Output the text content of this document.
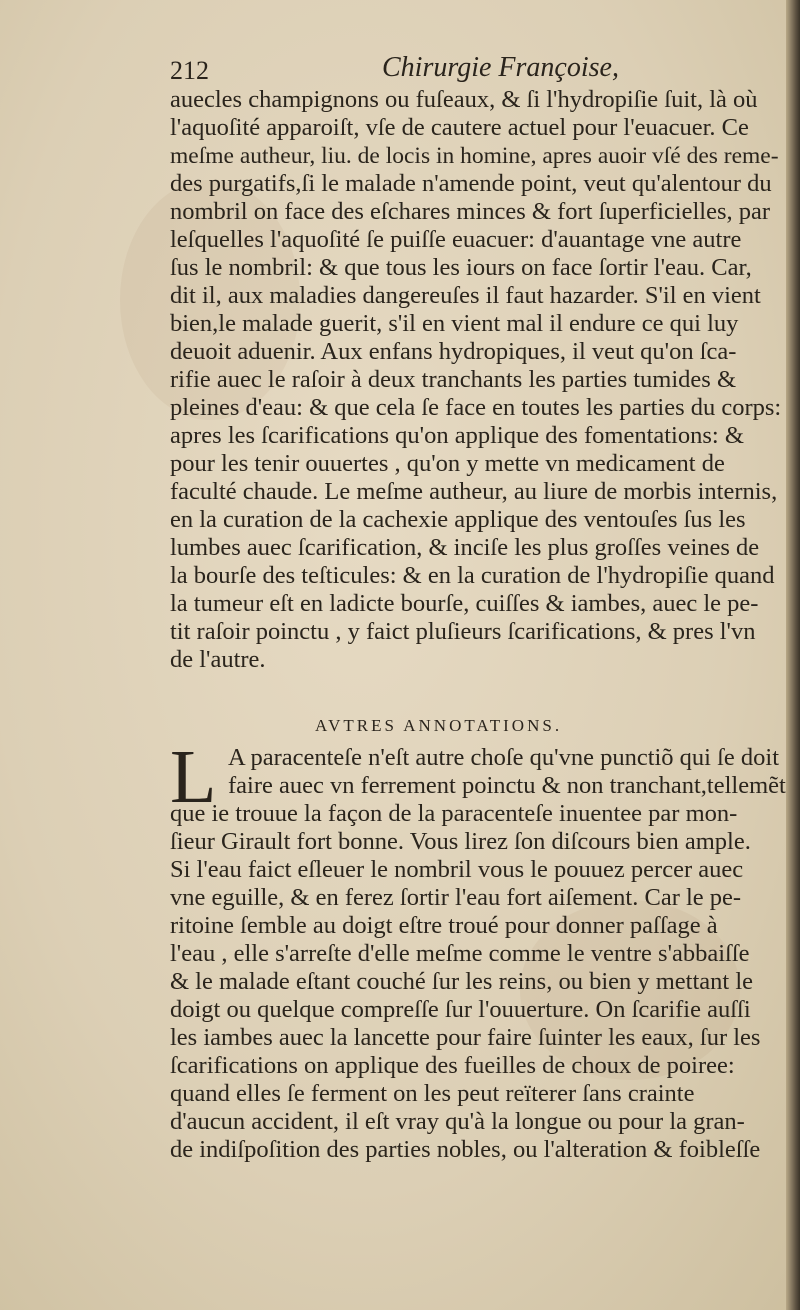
212	Chirurgie Françoise,
auecles champignons ou fuſeaux, & ſi l'hydropiſie ſuit, là où
l'aquoſité apparoiſt, vſe de cautere actuel pour l'euacuer. Ce
meſme autheur, liu. de locis in homine, apres auoir vſé des reme-
des purgatifs,ſi le malade n'amende point, veut qu'alentour du
nombril on face des eſchares minces & fort ſuperficielles, par
leſquelles l'aquoſité ſe puiſſe euacuer: d'auantage vne autre
ſus le nombril: & que tous les iours on face ſortir l'eau. Car,
dit il, aux maladies dangereuſes il faut hazarder. S'il en vient
bien,le malade guerit, s'il en vient mal il endure ce qui luy
deuoit aduenir. Aux enfans hydropiques, il veut qu'on ſca-
rifie auec le raſoir à deux tranchants les parties tumides &
pleines d'eau: & que cela ſe face en toutes les parties du corps:
apres les ſcarifications qu'on applique des fomentations: &
pour les tenir ouuertes , qu'on y mette vn medicament de
faculté chaude. Le meſme autheur, au liure de morbis internis,
en la curation de la cachexie applique des ventouſes ſus les
lumbes auec ſcarification, & inciſe les plus groſſes veines de
la bourſe des teſticules: & en la curation de l'hydropiſie quand
la tumeur eſt en ladicte bourſe, cuiſſes & iambes, auec le pe-
tit raſoir poinctu , y faict pluſieurs ſcarifications, & pres l'vn
de l'autre.
AVTRES ANNOTATIONS.
L A paracenteſe n'eſt autre choſe qu'vne punctiõ qui ſe doit
faire auec vn ferrement poinctu & non tranchant,tellemẽt
que ie trouue la façon de la paracenteſe inuentee par mon-
ſieur Girault fort bonne. Vous lirez ſon diſcours bien ample.
Si l'eau faict eſleuer le nombril vous le pouuez percer auec
vne eguille, & en ferez ſortir l'eau fort aiſement. Car le pe-
ritoine ſemble au doigt eſtre troué pour donner paſſage à
l'eau , elle s'arreſte d'elle meſme comme le ventre s'abbaiſſe
& le malade eſtant couché ſur les reins, ou bien y mettant le
doigt ou quelque compreſſe ſur l'ouuerture. On ſcarifie auſſi
les iambes auec la lancette pour faire ſuinter les eaux, ſur les
ſcarifications on applique des fueilles de choux de poiree:
quand elles ſe ferment on les peut reïterer ſans crainte
d'aucun accident, il eſt vray qu'à la longue ou pour la gran-
de indiſpoſition des parties nobles, ou l'alteration & foibleſſe
